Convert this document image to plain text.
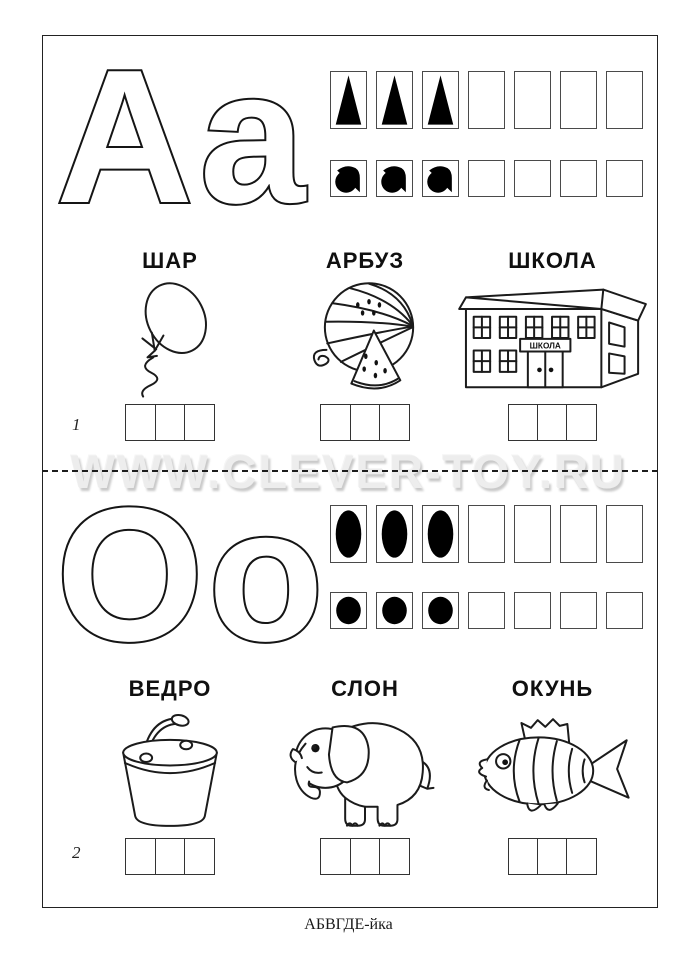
Аа
ШАР	АРБУЗ	ШКОЛА
ШКОЛА
1
WWW.CLEVER-TOY.RU
Оо
ВЕДРО	СЛОН	ОКУНЬ
2
АБВГДЕ-йка
